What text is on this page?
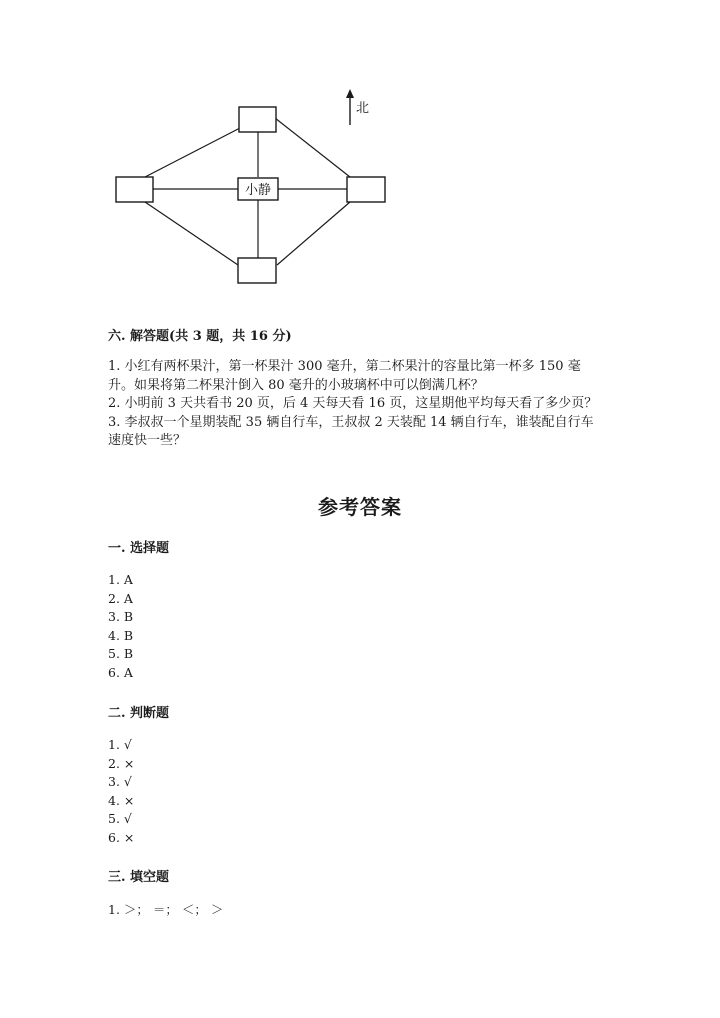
小静
北
六. 解答题(共 3 题，共 16 分)
1. 小红有两杯果汁，第一杯果汁 300 毫升，第二杯果汁的容量比第一杯多 150 毫升。如果将第二杯果汁倒入 80 毫升的小玻璃杯中可以倒满几杯？
2. 小明前 3 天共看书 20 页，后 4 天每天看 16 页，这星期他平均每天看了多少页？
3. 李叔叔一个星期装配 35 辆自行车，王叔叔 2 天装配 14 辆自行车，谁装配自行车速度快一些？
参考答案
一. 选择题
1. A
2. A
3. B
4. B
5. B
6. A
二. 判断题
1. √
2. ×
3. √
4. ×
5. √
6. ×
三. 填空题
1. ＞； ＝； ＜； ＞
